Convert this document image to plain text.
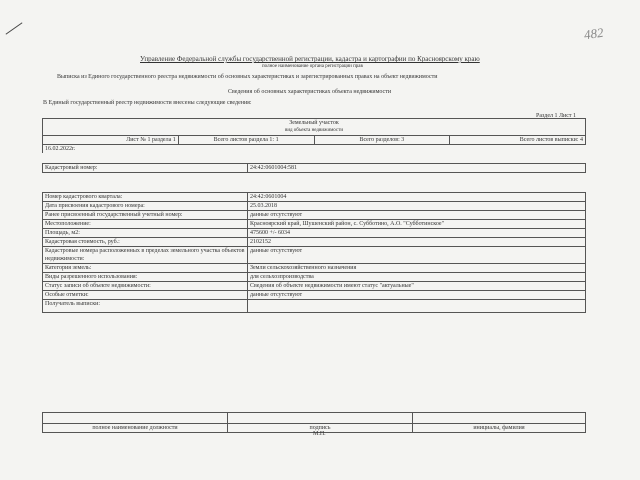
482
Управление Федеральной службы государственной регистрации, кадастра и картографии по Красноярскому краю
полное наименование органа регистрации прав
Выписка из Единого государственного реестра недвижимости об основных характеристиках и зарегистрированных правах на объект недвижимости
Сведения об основных характеристиках объекта недвижимости
В Единый государственный реестр недвижимости внесены следующие сведения:
Раздел 1 Лист 1
Земельный участок
вид объекта недвижимости
Лист № 1 раздела 1	Всего листов раздела 1: 1	Всего разделов: 3	Всего листов выписки: 4
16.02.2022г.
Кадастровый номер:	24:42:0601004:581
Номер кадастрового квартала:	24:42:0601004
Дата присвоения кадастрового номера:	25.03.2018
Ранее присвоенный государственный учетный номер:	данные отсутствуют
Местоположение:	Красноярский край, Шушенский район, с. Субботино, А.О. "Субботинское"
Площадь, м2:	475600 +/- 6034
Кадастровая стоимость, руб.:	2102152
Кадастровые номера расположенных в пределах земельного участка объектов недвижимости:	данные отсутствуют
Категория земель:	Земли сельскохозяйственного назначения
Виды разрешенного использования:	для сельхозпроизводства
Статус записи об объекте недвижимости:	Сведения об объекте недвижимости имеют статус "актуальные"
Особые отметки:	данные отсутствуют
Получатель выписки:	

полное наименование должности	подпись	инициалы, фамилия
М.П.
